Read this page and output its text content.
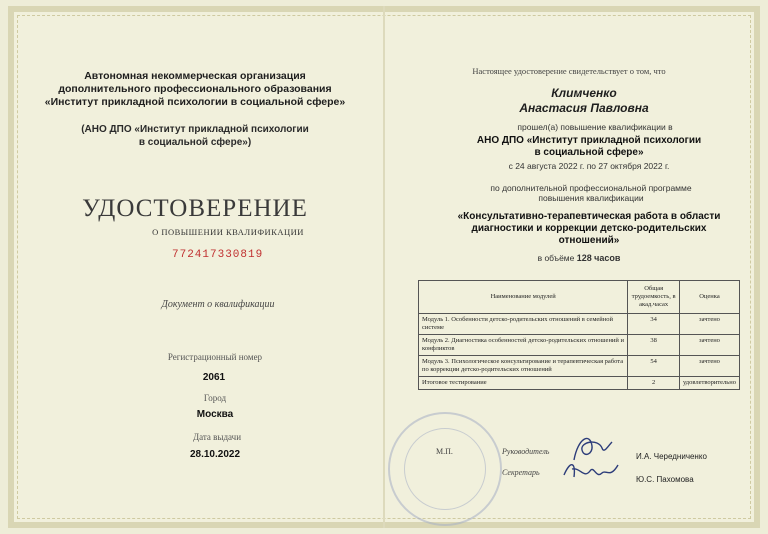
Автономная некоммерческая организация
дополнительного профессионального образования
«Институт прикладной психологии в социальной сфере»
(АНО ДПО «Институт прикладной психологии
в социальной сфере»)
УДОСТОВЕРЕНИЕ
О ПОВЫШЕНИИ КВАЛИФИКАЦИИ
772417330819
Документ о квалификации
Регистрационный номер
2061
Город
Москва
Дата выдачи
28.10.2022
Настоящее удостоверение свидетельствует о том, что
Климченко
Анастасия Павловна
прошел(а) повышение квалификации в
АНО ДПО «Институт прикладной психологии
в социальной сфере»
с 24 августа 2022 г. по 27 октября 2022 г.
по дополнительной профессиональной программе
повышения квалификации
«Консультативно-терапевтическая работа в области
диагностики и коррекции детско-родительских
отношений»
в объёме 128 часов
Наименование модулей	Общая трудоемкость, в акад.часах	Оценка
Модуль 1. Особенности детско-родительских отношений в семейной системе	34	зачтено
Модуль 2. Диагностика особенностей детско-родительских отношений и конфликтов	38	зачтено
Модуль 3. Психологическое консультирование и терапевтическая работа по коррекции детско-родительских отношений	54	зачтено
Итоговое тестирование	2	удовлетворительно
Руководитель
М.П.
И.А. Чередниченко
Секретарь
Ю.С. Пахомова
